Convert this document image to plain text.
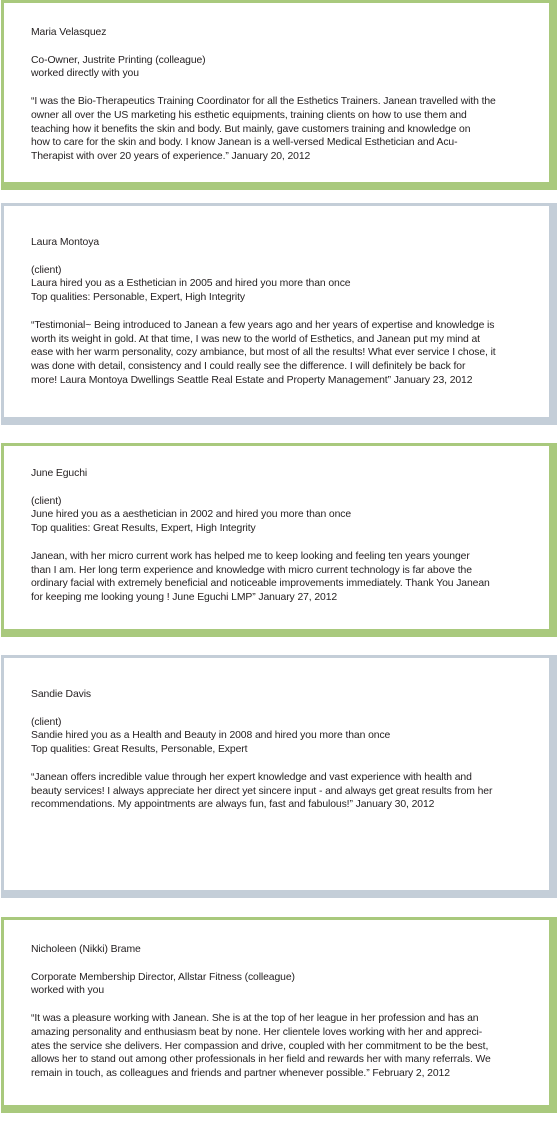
Maria Velasquez

Co-Owner, Justrite Printing (colleague)

worked directly with you

“I was the Bio-Therapeutics Training Coordinator for all the Esthetics Trainers. Janean travelled with the

owner all over the US marketing his esthetic equipments, training clients on how to use them and

teaching how it benefits the skin and body. But mainly, gave customers training and knowledge on

how to care for the skin and body. I know Janean is a well-versed Medical Esthetician and Acu-

Therapist with over 20 years of experience.” January 20, 2012

Laura Montoya

(client)

Laura hired you as a Esthetician in 2005 and hired you more than once

Top qualities: Personable, Expert, High Integrity

“Testimonial~ Being introduced to Janean a few years ago and her years of expertise and knowledge is

worth its weight in gold. At that time, I was new to the world of Esthetics, and Janean put my mind at

ease with her warm personality, cozy ambiance, but most of all the results! What ever service I chose, it

was done with detail, consistency and I could really see the difference. I will definitely be back for

more! Laura Montoya Dwellings Seattle Real Estate and Property Management” January 23, 2012

June Eguchi

(client)

June hired you as a aesthetician in 2002 and hired you more than once

Top qualities: Great Results, Expert, High Integrity

Janean, with her micro current work has helped me to keep looking and feeling ten years younger

than I am. Her long term experience and knowledge with micro current technology is far above the

ordinary facial with extremely beneficial and noticeable improvements immediately. Thank You Janean

for keeping me looking young ! June Eguchi LMP” January 27, 2012

Sandie Davis

(client)

Sandie hired you as a Health and Beauty in 2008 and hired you more than once

Top qualities: Great Results, Personable, Expert

“Janean offers incredible value through her expert knowledge and vast experience with health and

beauty services! I always appreciate her direct yet sincere input - and always get great results from her

recommendations. My appointments are always fun, fast and fabulous!” January 30, 2012

Nicholeen (Nikki) Brame

Corporate Membership Director, Allstar Fitness (colleague)

worked with you

“It was a pleasure working with Janean. She is at the top of her league in her profession and has an

amazing personality and enthusiasm beat by none. Her clientele loves working with her and appreci-

ates the service she delivers. Her compassion and drive, coupled with her commitment to be the best,

allows her to stand out among other professionals in her field and rewards her with many referrals. We

remain in touch, as colleagues and friends and partner whenever possible.” February 2, 2012
